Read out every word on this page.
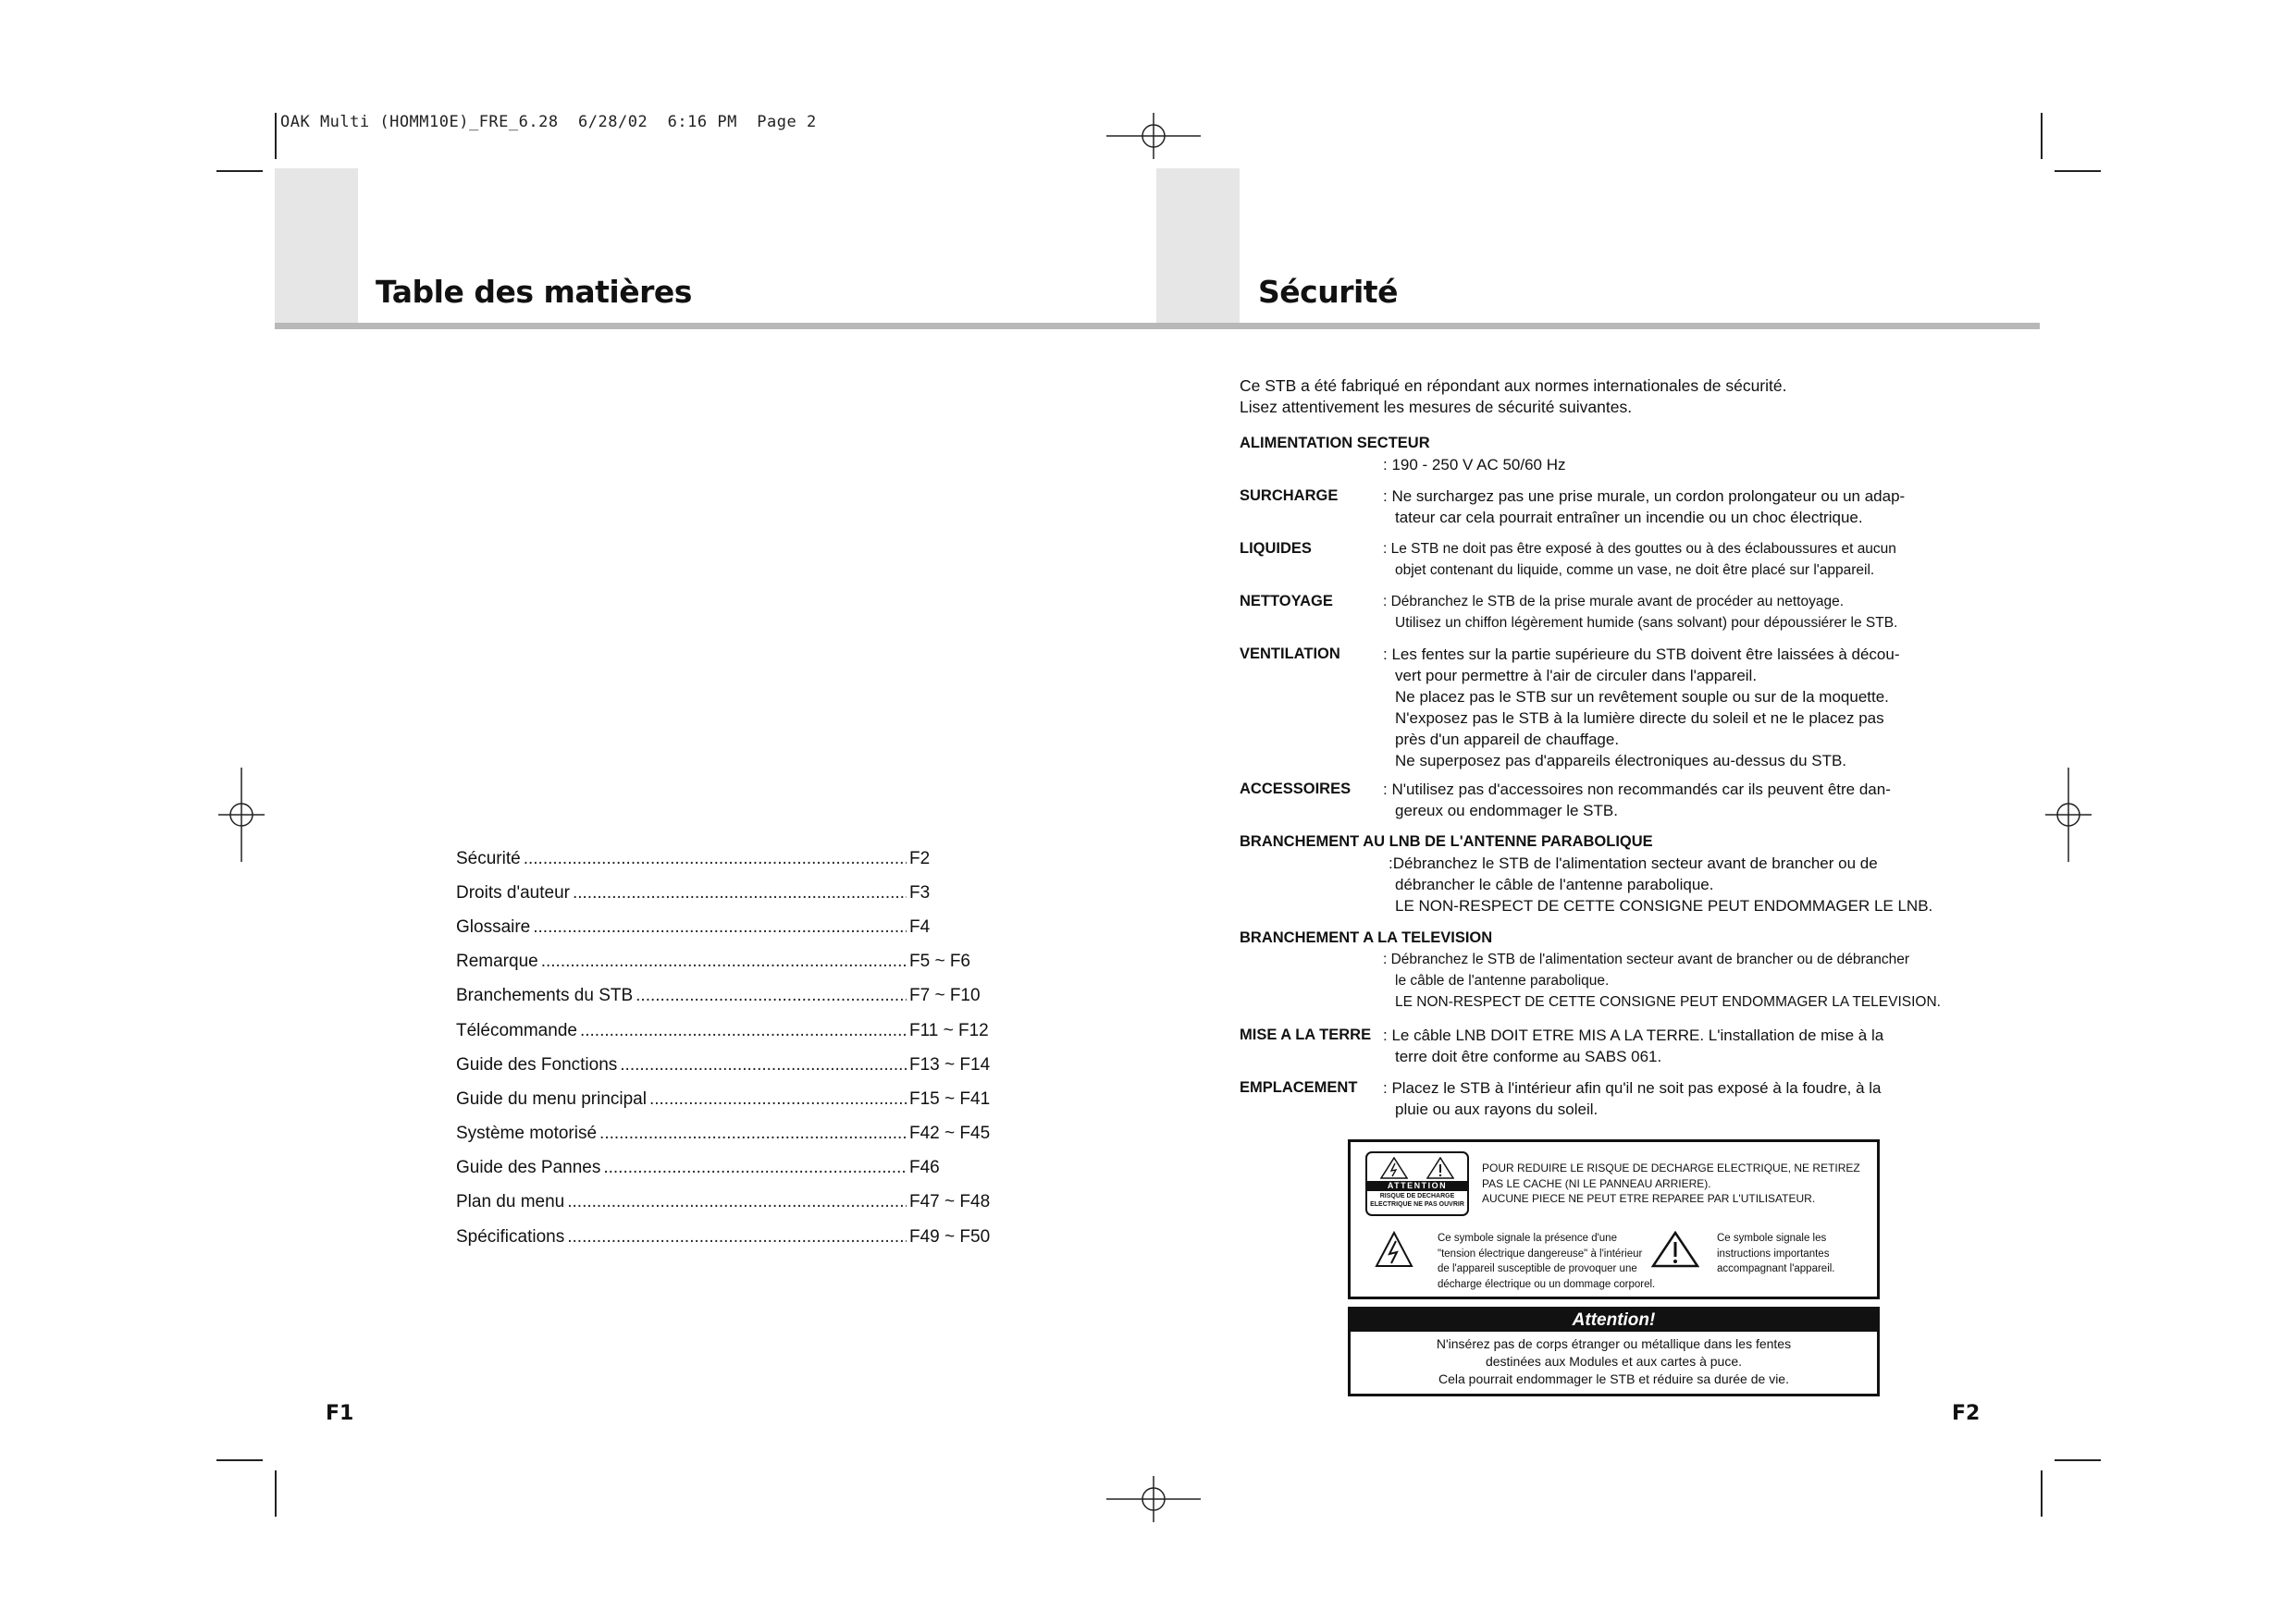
OAK Multi (HOMM10E)_FRE_6.28  6/28/02  6:16 PM  Page 2
Table des matières	Sécurité
Sécurité .....	F2
Droits d'auteur .....	F3
Glossaire .....	F4
Remarque .....	F5 ~ F6
Branchements du STB .....	F7 ~ F10
Télécommande .....	F11 ~ F12
Guide des Fonctions .....	F13 ~ F14
Guide du menu principal .....	F15 ~ F41
Système motorisé .....	F42 ~ F45
Guide des Pannes .....	F46
Plan du menu .....	F47 ~ F48
Spécifications .....	F49 ~ F50
Ce STB a été fabriqué en répondant aux normes internationales de sécurité.
Lisez attentivement les mesures de sécurité suivantes.
ALIMENTATION SECTEUR
: 190 - 250 V AC 50/60 Hz
SURCHARGE	: Ne surchargez pas une prise murale, un cordon prolongateur ou un adap-
tateur car cela pourrait entraîner un incendie ou un choc électrique.
LIQUIDES	: Le STB ne doit pas être exposé à des gouttes ou à des éclaboussures et aucun
objet contenant du liquide, comme un vase, ne doit être placé sur l'appareil.
NETTOYAGE	: Débranchez le STB de la prise murale avant de procéder au nettoyage.
Utilisez un chiffon légèrement humide (sans solvant) pour dépoussiérer le STB.
VENTILATION	: Les fentes sur la partie supérieure du STB doivent être laissées à décou-
vert pour permettre à l'air de circuler dans l'appareil.
Ne placez pas le STB sur un revêtement souple ou sur de la moquette.
N'exposez pas le STB à la lumière directe du soleil et ne le placez pas
près d'un appareil de chauffage.
Ne superposez pas d'appareils électroniques au-dessus du STB.
ACCESSOIRES : N'utilisez pas d'accessoires non recommandés car ils peuvent être dan-
gereux ou endommager le STB.
BRANCHEMENT AU LNB DE L'ANTENNE PARABOLIQUE
:Débranchez le STB de l'alimentation secteur avant de brancher ou de
débrancher le câble de l'antenne parabolique.
LE NON-RESPECT DE CETTE CONSIGNE PEUT ENDOMMAGER LE LNB.
BRANCHEMENT A LA TELEVISION
: Débranchez le STB de l'alimentation secteur avant de brancher ou de débrancher
le câble de l'antenne parabolique.
LE NON-RESPECT DE CETTE CONSIGNE PEUT ENDOMMAGER LA TELEVISION.
MISE A LA TERRE : Le câble LNB DOIT ETRE MIS A LA TERRE. L'installation de mise à la
terre doit être conforme au SABS 061.
EMPLACEMENT : Placez le STB à l'intérieur afin qu'il ne soit pas exposé à la foudre, à la
pluie ou aux rayons du soleil.
ATTENTION
RISQUE DE DECHARGE
ELECTRIQUE NE PAS OUVRIR
POUR REDUIRE LE RISQUE DE DECHARGE ELECTRIQUE, NE RETIREZ
PAS LE CACHE (NI LE PANNEAU ARRIERE).
AUCUNE PIECE NE PEUT ETRE REPAREE PAR L'UTILISATEUR.
Ce symbole signale la présence d'une
"tension électrique dangereuse" à l'intérieur
de l'appareil susceptible de provoquer une
décharge électrique ou un dommage corporel.
Ce symbole signale les
instructions importantes
accompagnant l'appareil.
Attention!
N'insérez pas de corps étranger ou métallique dans les fentes
destinées aux Modules et aux cartes à puce.
Cela pourrait endommager le STB et réduire sa durée de vie.
F1	F2
